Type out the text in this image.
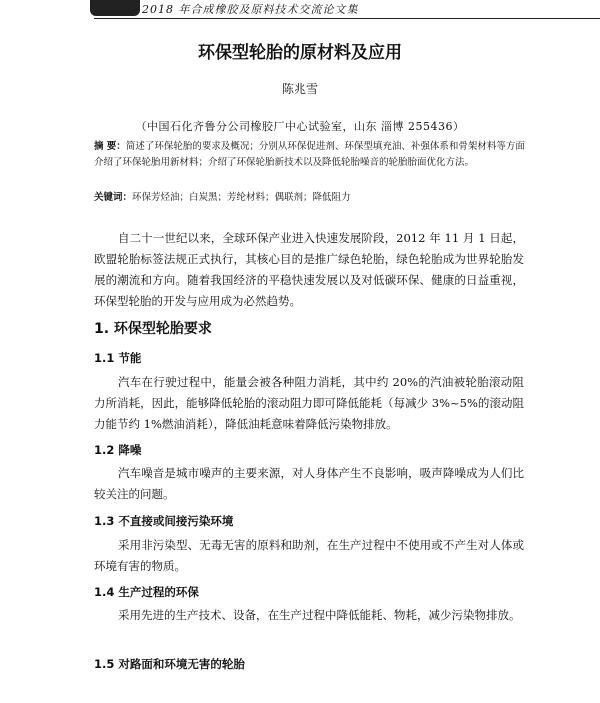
2018 年合成橡胶及原料技术交流论文集
环保型轮胎的原材料及应用
陈兆雪
（中国石化齐鲁分公司橡胶厂中心试验室，山东 淄博 255436）
摘 要：简述了环保轮胎的要求及概况；分别从环保促进剂、环保型填充油、补强体系和骨架材料等方面介绍了环保轮胎用新材料；介绍了环保轮胎新技术以及降低轮胎噪音的轮胎胎面优化方法。
关键词：环保芳烃油；白炭黑；芳纶材料；偶联剂；降低阻力
自二十一世纪以来，全球环保产业进入快速发展阶段，2012 年 11 月 1 日起，欧盟轮胎标签法规正式执行，其核心目的是推广绿色轮胎，绿色轮胎成为世界轮胎发展的潮流和方向。随着我国经济的平稳快速发展以及对低碳环保、健康的日益重视，环保型轮胎的开发与应用成为必然趋势。
1. 环保型轮胎要求
1.1 节能
汽车在行驶过程中，能量会被各种阻力消耗，其中约 20%的汽油被轮胎滚动阻力所消耗，因此，能够降低轮胎的滚动阻力即可降低能耗（每减少 3%~5%的滚动阻力能节约 1%燃油消耗），降低油耗意味着降低污染物排放。
1.2 降噪
汽车噪音是城市噪声的主要来源，对人身体产生不良影响，吸声降噪成为人们比较关注的问题。
1.3 不直接或间接污染环境
采用非污染型、无毒无害的原料和助剂，在生产过程中不使用或不产生对人体或环境有害的物质。
1.4 生产过程的环保
采用先进的生产技术、设备，在生产过程中降低能耗、物耗，减少污染物排放。
1.5 对路面和环境无害的轮胎
